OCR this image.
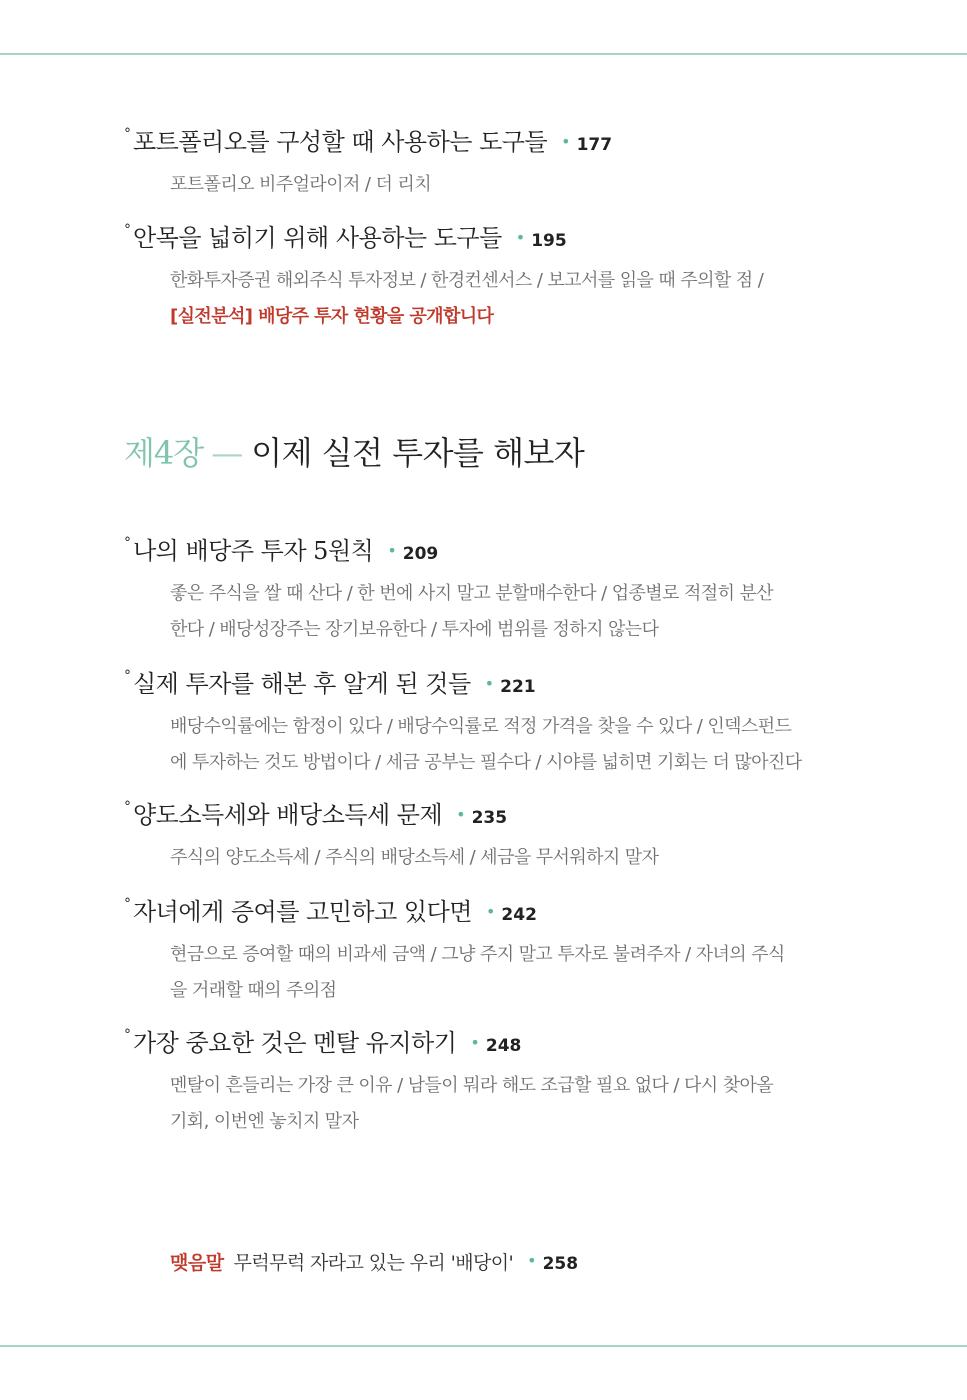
° 포트폴리오를 구성할 때 사용하는 도구들 • 177
포트폴리오 비주얼라이저 / 더 리치
° 안목을 넓히기 위해 사용하는 도구들 • 195
한화투자증권 해외주식 투자정보 / 한경컨센서스 / 보고서를 읽을 때 주의할 점 /
[실전분석] 배당주 투자 현황을 공개합니다
제4장 — 이제 실전 투자를 해보자
° 나의 배당주 투자 5원칙 • 209
좋은 주식을 쌀 때 산다 / 한 번에 사지 말고 분할매수한다 / 업종별로 적절히 분산
한다 / 배당성장주는 장기보유한다 / 투자에 범위를 정하지 않는다
° 실제 투자를 해본 후 알게 된 것들 • 221
배당수익률에는 함정이 있다 / 배당수익률로 적정 가격을 찾을 수 있다 / 인덱스펀드
에 투자하는 것도 방법이다 / 세금 공부는 필수다 / 시야를 넓히면 기회는 더 많아진다
° 양도소득세와 배당소득세 문제 • 235
주식의 양도소득세 / 주식의 배당소득세 / 세금을 무서워하지 말자
° 자녀에게 증여를 고민하고 있다면 • 242
현금으로 증여할 때의 비과세 금액 / 그냥 주지 말고 투자로 불려주자 / 자녀의 주식
을 거래할 때의 주의점
° 가장 중요한 것은 멘탈 유지하기 • 248
멘탈이 흔들리는 가장 큰 이유 / 남들이 뭐라 해도 조급할 필요 없다 / 다시 찾아올
기회, 이번엔 놓치지 말자
맺음말 무럭무럭 자라고 있는 우리 '배당이' • 258
